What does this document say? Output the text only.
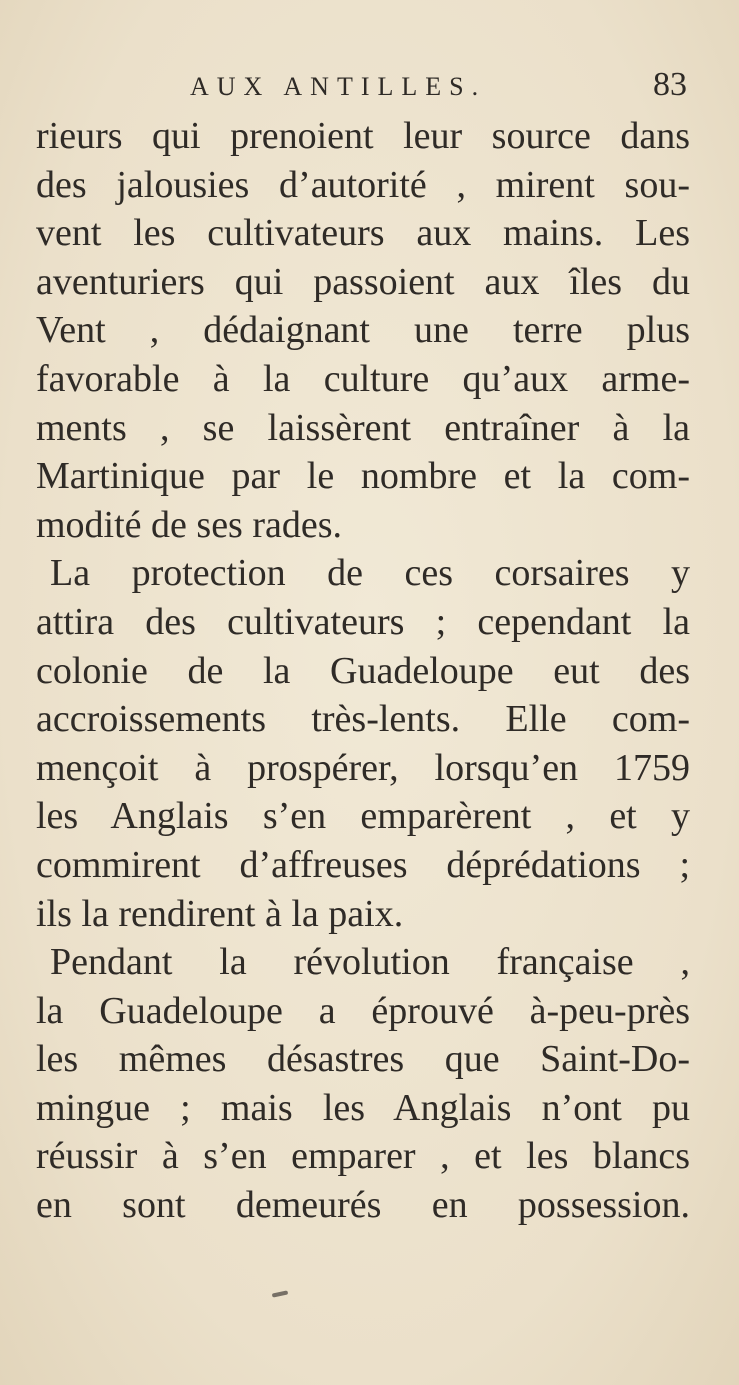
AUX ANTILLES.	83
rieurs qui prenoient leur source dans
des jalousies d’autorité , mirent sou-
vent les cultivateurs aux mains. Les
aventuriers qui passoient aux îles du
Vent , dédaignant une terre plus
favorable à la culture qu’aux arme-
ments , se laissèrent entraîner à la
Martinique par le nombre et la com-
modité de ses rades.
La protection de ces corsaires y
attira des cultivateurs ; cependant la
colonie de la Guadeloupe eut des
accroissements très-lents. Elle com-
mençoit à prospérer, lorsqu’en 1759
les Anglais s’en emparèrent , et y
commirent d’affreuses déprédations ;
ils la rendirent à la paix.
Pendant la révolution française ,
la Guadeloupe a éprouvé à-peu-près
les mêmes désastres que Saint-Do-
mingue ; mais les Anglais n’ont pu
réussir à s’en emparer , et les blancs
en sont demeurés en possession.
